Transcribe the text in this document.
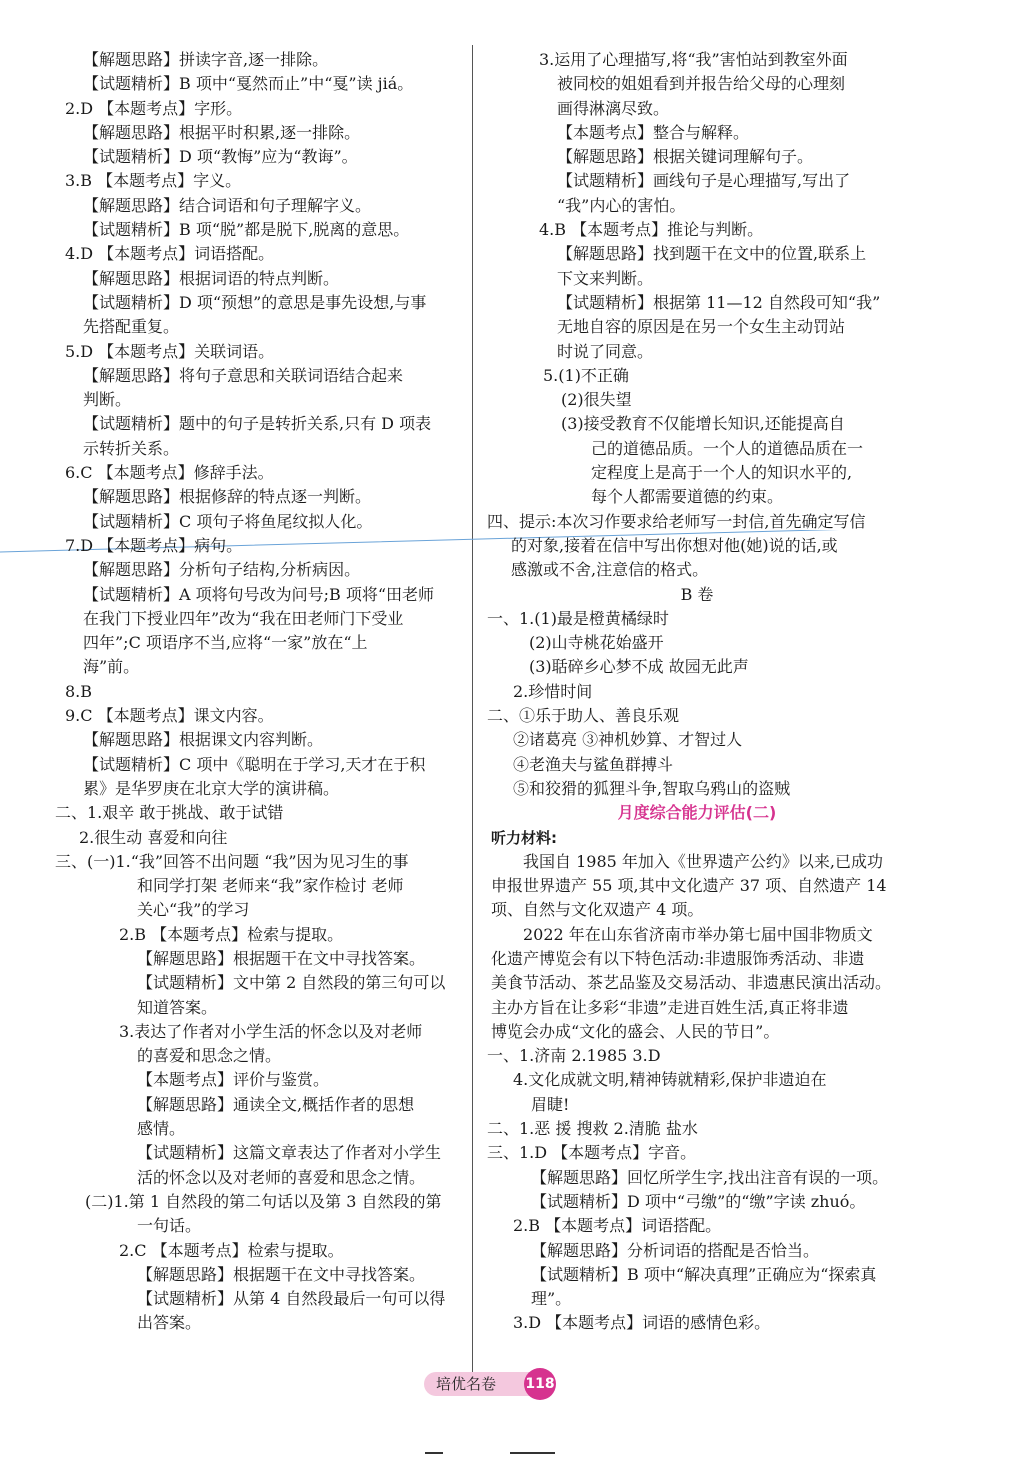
【解题思路】拼读字音,逐一排除。
【试题精析】B 项中“戛然而止”中“戛”读 jiá。
2.D 【本题考点】字形。
【解题思路】根据平时积累,逐一排除。
【试题精析】D 项“教悔”应为“教诲”。
3.B 【本题考点】字义。
【解题思路】结合词语和句子理解字义。
【试题精析】B 项“脱”都是脱下,脱离的意思。
4.D 【本题考点】词语搭配。
【解题思路】根据词语的特点判断。
【试题精析】D 项“预想”的意思是事先设想,与事
先搭配重复。
5.D 【本题考点】关联词语。
【解题思路】将句子意思和关联词语结合起来
判断。
【试题精析】题中的句子是转折关系,只有 D 项表
示转折关系。
6.C 【本题考点】修辞手法。
【解题思路】根据修辞的特点逐一判断。
【试题精析】C 项句子将鱼尾纹拟人化。
7.D 【本题考点】病句。
【解题思路】分析句子结构,分析病因。
【试题精析】A 项将句号改为问号;B 项将“田老师
在我门下授业四年”改为“我在田老师门下受业
四年”;C 项语序不当,应将“一家”放在“上
海”前。
8.B
9.C 【本题考点】课文内容。
【解题思路】根据课文内容判断。
【试题精析】C 项中《聪明在于学习,天才在于积
累》是华罗庚在北京大学的演讲稿。
二、1.艰辛 敢于挑战、敢于试错
2.很生动 喜爱和向往
三、(一)1.“我”回答不出问题 “我”因为见习生的事
和同学打架 老师来“我”家作检讨 老师
关心“我”的学习
2.B 【本题考点】检索与提取。
【解题思路】根据题干在文中寻找答案。
【试题精析】文中第 2 自然段的第三句可以
知道答案。
3.表达了作者对小学生活的怀念以及对老师
的喜爱和思念之情。
【本题考点】评价与鉴赏。
【解题思路】通读全文,概括作者的思想
感情。
【试题精析】这篇文章表达了作者对小学生
活的怀念以及对老师的喜爱和思念之情。
(二)1.第 1 自然段的第二句话以及第 3 自然段的第
一句话。
2.C 【本题考点】检索与提取。
【解题思路】根据题干在文中寻找答案。
【试题精析】从第 4 自然段最后一句可以得
出答案。
3.运用了心理描写,将“我”害怕站到教室外面
被同校的姐姐看到并报告给父母的心理刻
画得淋漓尽致。
【本题考点】整合与解释。
【解题思路】根据关键词理解句子。
【试题精析】画线句子是心理描写,写出了
“我”内心的害怕。
4.B 【本题考点】推论与判断。
【解题思路】找到题干在文中的位置,联系上
下文来判断。
【试题精析】根据第 11—12 自然段可知“我”
无地自容的原因是在另一个女生主动罚站
时说了同意。
5.(1)不正确
(2)很失望
(3)接受教育不仅能增长知识,还能提高自
己的道德品质。一个人的道德品质在一
定程度上是高于一个人的知识水平的,
每个人都需要道德的约束。
四、提示:本次习作要求给老师写一封信,首先确定写信
的对象,接着在信中写出你想对他(她)说的话,或
感激或不舍,注意信的格式。
B 卷
一、1.(1)最是橙黄橘绿时
(2)山寺桃花始盛开
(3)聒碎乡心梦不成 故园无此声
2.珍惜时间
二、①乐于助人、善良乐观
②诸葛亮 ③神机妙算、才智过人
④老渔夫与鲨鱼群搏斗
⑤和狡猾的狐狸斗争,智取乌鸦山的盗贼
月度综合能力评估(二)
听力材料:
我国自 1985 年加入《世界遗产公约》以来,已成功
申报世界遗产 55 项,其中文化遗产 37 项、自然遗产 14
项、自然与文化双遗产 4 项。
2022 年在山东省济南市举办第七届中国非物质文
化遗产博览会有以下特色活动:非遗服饰秀活动、非遗
美食节活动、茶艺品鉴及交易活动、非遗惠民演出活动。
主办方旨在让多彩“非遗”走进百姓生活,真正将非遗
博览会办成“文化的盛会、人民的节日”。
一、1.济南 2.1985 3.D
4.文化成就文明,精神铸就精彩,保护非遗迫在
眉睫!
二、1.恶 援 搜救 2.清脆 盐水
三、1.D 【本题考点】字音。
【解题思路】回忆所学生字,找出注音有误的一项。
【试题精析】D 项中“弓缴”的“缴”字读 zhuó。
2.B 【本题考点】词语搭配。
【解题思路】分析词语的搭配是否恰当。
【试题精析】B 项中“解决真理”正确应为“探索真
理”。
3.D 【本题考点】词语的感情色彩。
培优名卷 118
